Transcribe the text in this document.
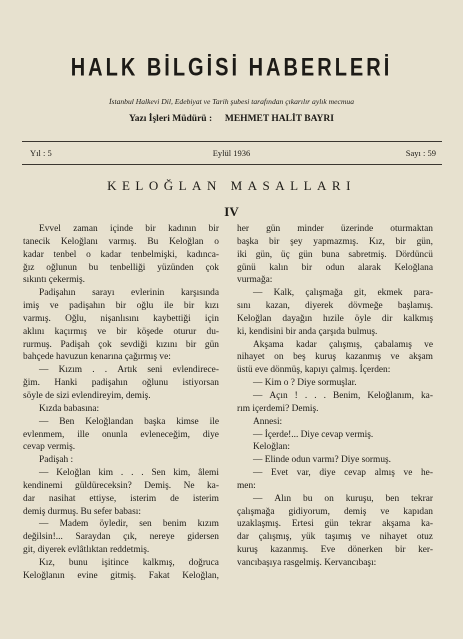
HALK BİLGİSİ HABERLERİ
İstanbul Halkevi Dil, Edebiyat ve Tarih şubesi tarafından çıkarılır aylık mecmua
Yazı İşleri Müdürü : MEHMET HALİT BAYRI
Yıl : 5	Eylül 1936	Sayı : 59
KELOĞLAN MASALLARI
IV
Evvel zaman içinde bir kadının bir
tanecik Keloğlanı varmış. Bu Keloğlan o
kadar tenbel o kadar tenbelmişki, kadınca-
ğız oğlunun bu tenbelliği yüzünden çok
sıkıntı çekermiş.
Padişahın sarayı evlerinin karşısında
imiş ve padişahın bir oğlu ile bir kızı
varmış. Oğlu, nişanlısını kaybettiği için
aklını kaçırmış ve bir köşede oturur du-
rurmuş. Padişah çok sevdiği kızını bir gün
bahçede havuzun kenarına çağırmış ve:
— Kızım . . Artık seni evlendirece-
ğim. Hanki padişahın oğlunu istiyorsan
söyle de sizi evlendireyim, demiş.
Kızda babasına:
— Ben Keloğlandan başka kimse ile
evlenmem, ille onunla evleneceğim, diye
cevap vermiş.
Padişah :
— Keloğlan kim . . . Sen kim, âlemi
kendinemi güldüreceksin? Demiş. Ne ka-
dar nasihat ettiyse, isterim de isterim
demiş durmuş. Bu sefer babası:
— Madem öyledir, sen benim kızım
değilsin!... Saraydan çık, nereye gidersen
git, diyerek evlâtlıktan reddetmiş.
Kız, bunu işitince kalkmış, doğruca
Keloğlanın evine gitmiş. Fakat Keloğlan,
her gün minder üzerinde oturmaktan
başka bir şey yapmazmış. Kız, bir gün,
iki gün, üç gün buna sabretmiş. Dördüncü
günü kalın bir odun alarak Keloğlana
vurmağa:
— Kalk, çalışmağa git, ekmek para-
sını kazan, diyerek dövmeğe başlamış.
Keloğlan dayağın hızile öyle dir kalkmış
ki, kendisini bir anda çarşıda bulmuş.
Akşama kadar çalışmış, çabalamış ve
nihayet on beş kuruş kazanmış ve akşam
üstü eve dönmüş, kapıyı çalmış. İçerden:
— Kim o ? Diye sormuşlar.
— Açın ! . . . Benim, Keloğlanım, ka-
rım içerdemi? Demiş.
Annesi:
— İçerde!... Diye cevap vermiş.
Keloğlan:
— Elinde odun varmı? Diye sormuş.
— Evet var, diye cevap almış ve he-
men:
— Alın bu on kuruşu, ben tekrar
çalışmağa gidiyorum, demiş ve kapıdan
uzaklaşmış. Ertesi gün tekrar akşama ka-
dar çalışmış, yük taşımış ve nihayet otuz
kuruş kazanmış. Eve dönerken bir ker-
vancıbaşıya rasgelmiş. Kervancıbaşı:
